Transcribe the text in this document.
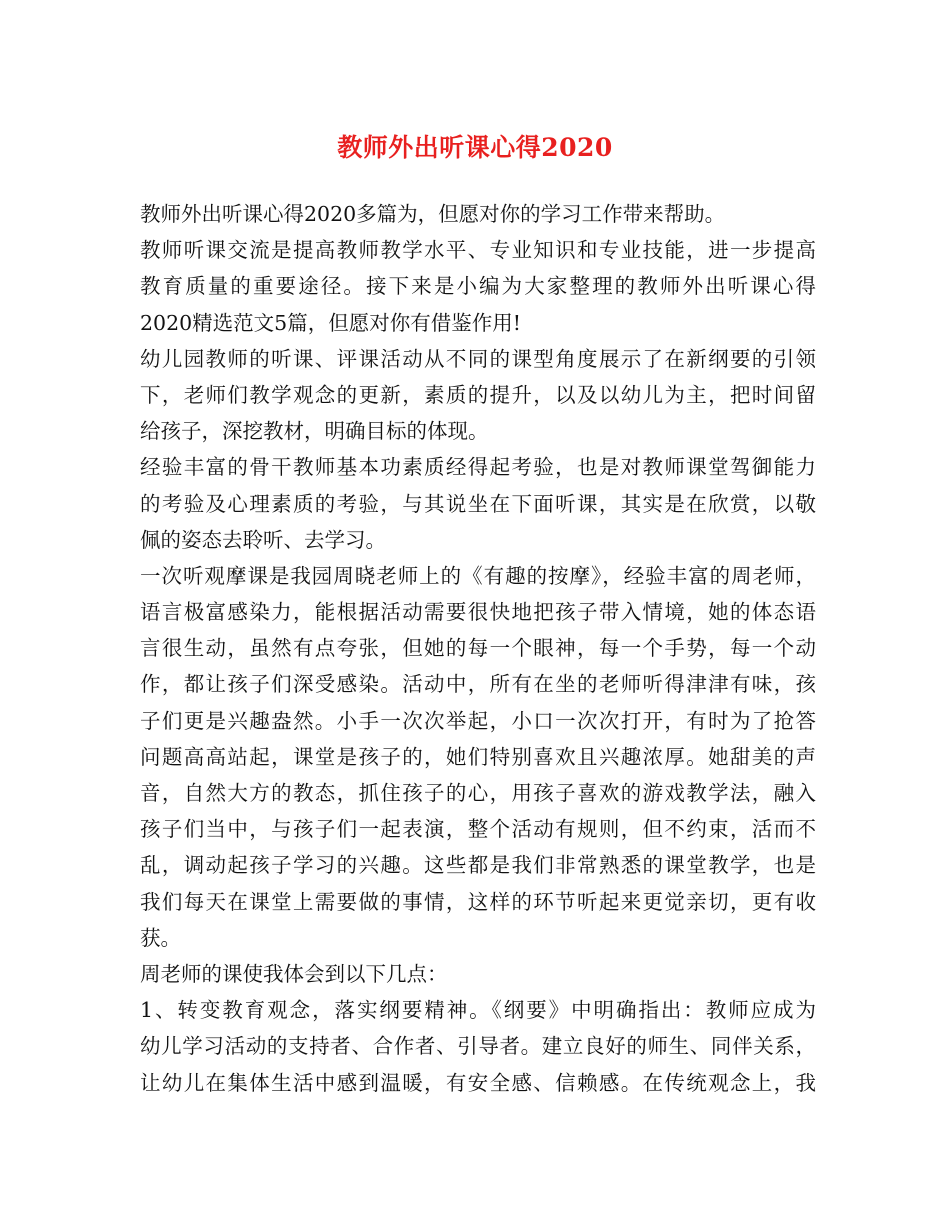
教师外出听课心得2020
教师外出听课心得2020多篇为，但愿对你的学习工作带来帮助。
教师听课交流是提高教师教学水平、专业知识和专业技能，进一步提高
教育质量的重要途径。接下来是小编为大家整理的教师外出听课心得
2020精选范文5篇，但愿对你有借鉴作用!
幼儿园教师的听课、评课活动从不同的课型角度展示了在新纲要的引领
下，老师们教学观念的更新，素质的提升，以及以幼儿为主，把时间留
给孩子，深挖教材，明确目标的体现。
经验丰富的骨干教师基本功素质经得起考验，也是对教师课堂驾御能力
的考验及心理素质的考验，与其说坐在下面听课，其实是在欣赏，以敬
佩的姿态去聆听、去学习。
一次听观摩课是我园周晓老师上的《有趣的按摩》，经验丰富的周老师，
语言极富感染力，能根据活动需要很快地把孩子带入情境，她的体态语
言很生动，虽然有点夸张，但她的每一个眼神，每一个手势，每一个动
作，都让孩子们深受感染。活动中，所有在坐的老师听得津津有味，孩
子们更是兴趣盎然。小手一次次举起，小口一次次打开，有时为了抢答
问题高高站起，课堂是孩子的，她们特别喜欢且兴趣浓厚。她甜美的声
音，自然大方的教态，抓住孩子的心，用孩子喜欢的游戏教学法，融入
孩子们当中，与孩子们一起表演，整个活动有规则，但不约束，活而不
乱，调动起孩子学习的兴趣。这些都是我们非常熟悉的课堂教学，也是
我们每天在课堂上需要做的事情，这样的环节听起来更觉亲切，更有收
获。
周老师的课使我体会到以下几点：
1、转变教育观念，落实纲要精神。《纲要》中明确指出：教师应成为
幼儿学习活动的支持者、合作者、引导者。建立良好的师生、同伴关系，
让幼儿在集体生活中感到温暖，有安全感、信赖感。在传统观念上，我
